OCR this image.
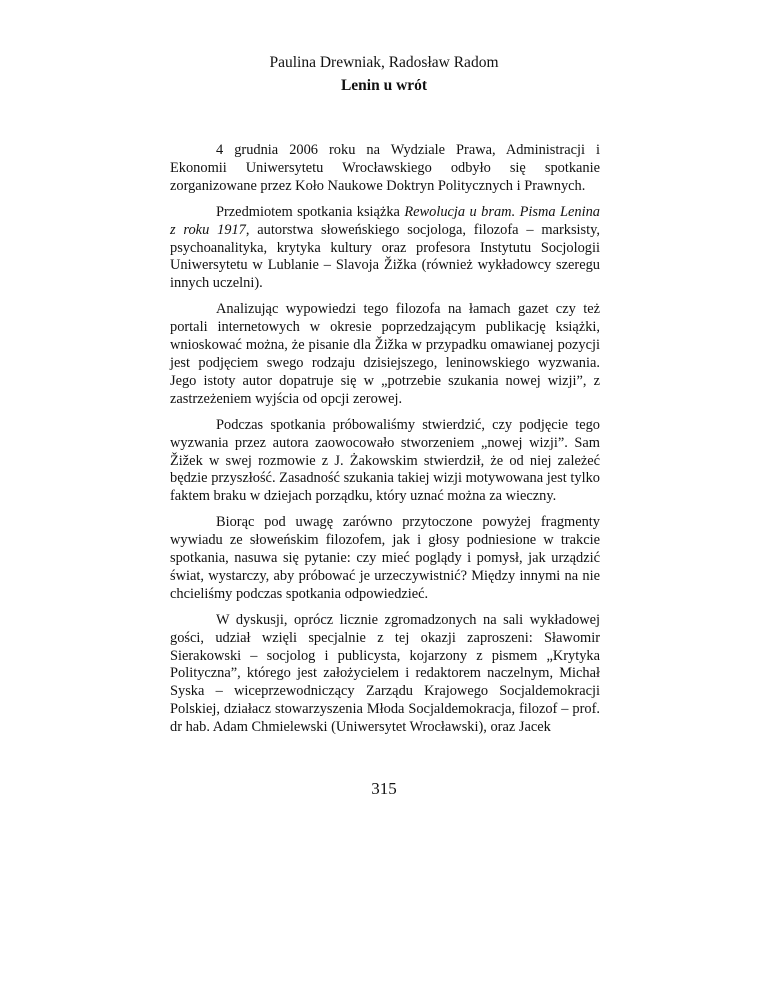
Paulina Drewniak, Radosław Radom
Lenin u wrót

4 grudnia 2006 roku na Wydziale Prawa, Administracji i Ekonomii Uniwersytetu Wrocławskiego odbyło się spotkanie zorganizowane przez Koło Naukowe Doktryn Politycznych i Prawnych.

Przedmiotem spotkania książka Rewolucja u bram. Pisma Lenina z roku 1917, autorstwa słoweńskiego socjologa, filozofa – marksisty, psychoanalityka, krytyka kultury oraz profesora Instytutu Socjologii Uniwersytetu w Lublanie – Slavoja Žižka (również wykładowcy szeregu innych uczelni).

Analizując wypowiedzi tego filozofa na łamach gazet czy też portali internetowych w okresie poprzedzającym publikację książki, wnioskować można, że pisanie dla Žižka w przypadku omawianej pozycji jest podjęciem swego rodzaju dzisiejszego, leninowskiego wyzwania. Jego istoty autor dopatruje się w „potrzebie szukania nowej wizji”, z zastrzeżeniem wyjścia od opcji zerowej.

Podczas spotkania próbowaliśmy stwierdzić, czy podjęcie tego wyzwania przez autora zaowocowało stworzeniem „nowej wizji”. Sam Žižek w swej rozmowie z J. Żakowskim stwierdził, że od niej zależeć będzie przyszłość. Zasadność szukania takiej wizji motywowana jest tylko faktem braku w dziejach porządku, który uznać można za wieczny.

Biorąc pod uwagę zarówno przytoczone powyżej fragmenty wywiadu ze słoweńskim filozofem, jak i głosy podniesione w trakcie spotkania, nasuwa się pytanie: czy mieć poglądy i pomysł, jak urządzić świat, wystarczy, aby próbować je urzeczywistnić? Między innymi na nie chcieliśmy podczas spotkania odpowiedzieć.

W dyskusji, oprócz licznie zgromadzonych na sali wykładowej gości, udział wzięli specjalnie z tej okazji zaproszeni: Sławomir Sierakowski – socjolog i publicysta, kojarzony z pismem „Krytyka Polityczna”, którego jest założycielem i redaktorem naczelnym, Michał Syska – wiceprzewodniczący Zarządu Krajowego Socjaldemokracji Polskiej, działacz stowarzyszenia Młoda Socjaldemokracja, filozof – prof. dr hab. Adam Chmielewski (Uniwersytet Wrocławski), oraz Jacek

315
